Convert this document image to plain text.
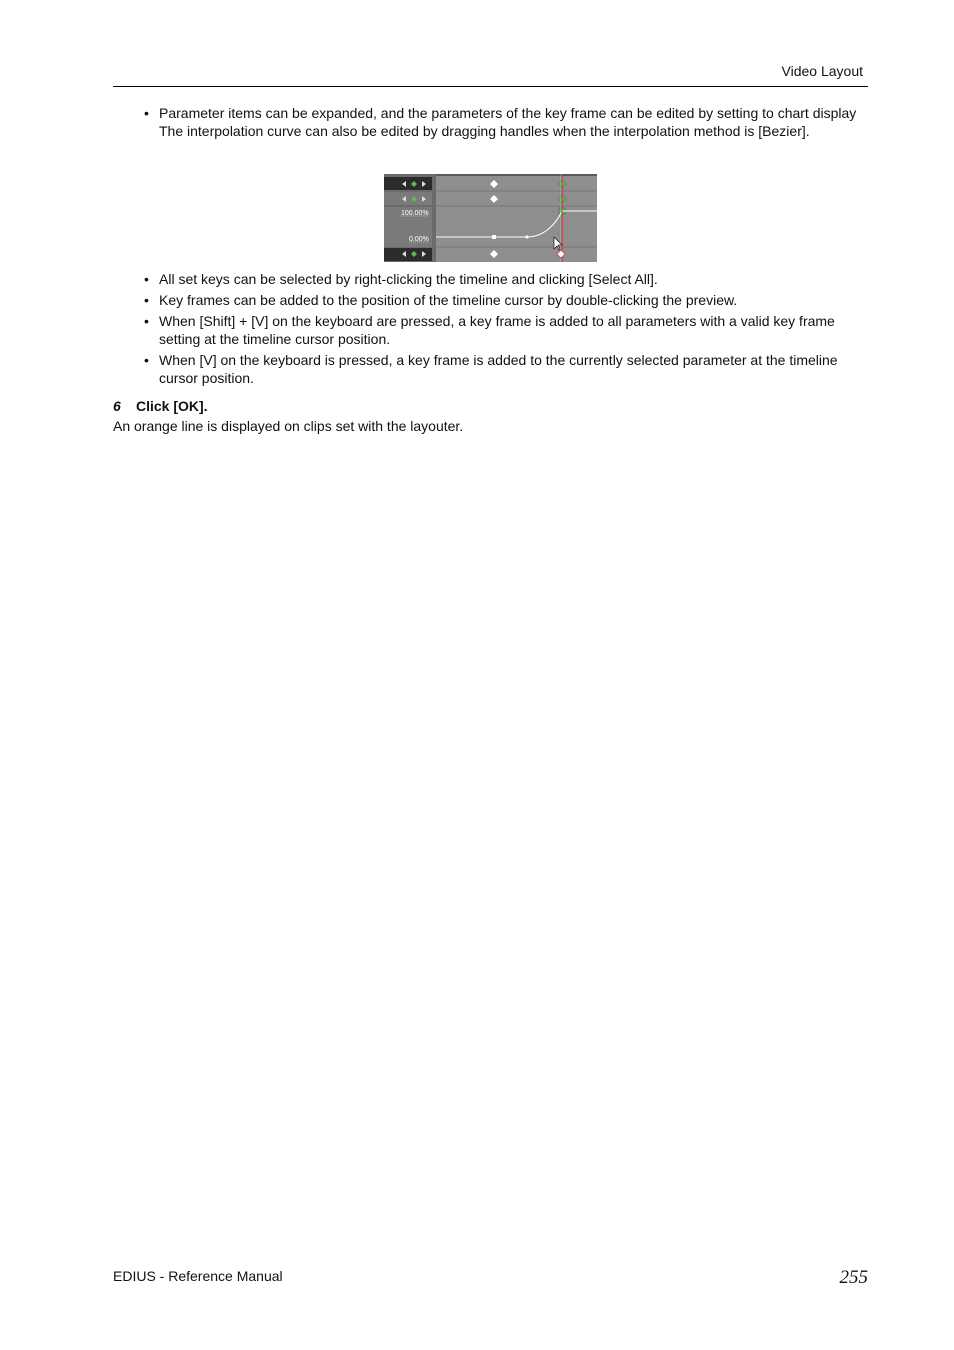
Video Layout
• Parameter items can be expanded, and the parameters of the key frame can be edited by setting to chart display The interpolation curve can also be edited by dragging handles when the interpolation method is [Bezier].
100.00%
0.00%
• All set keys can be selected by right-clicking the timeline and clicking [Select All].
• Key frames can be added to the position of the timeline cursor by double-clicking the preview.
• When [Shift] + [V] on the keyboard are pressed, a key frame is added to all parameters with a valid key frame setting at the timeline cursor position.
• When [V] on the keyboard is pressed, a key frame is added to the currently selected parameter at the timeline cursor position.
6 Click [OK].
An orange line is displayed on clips set with the layouter.
EDIUS - Reference Manual	255
